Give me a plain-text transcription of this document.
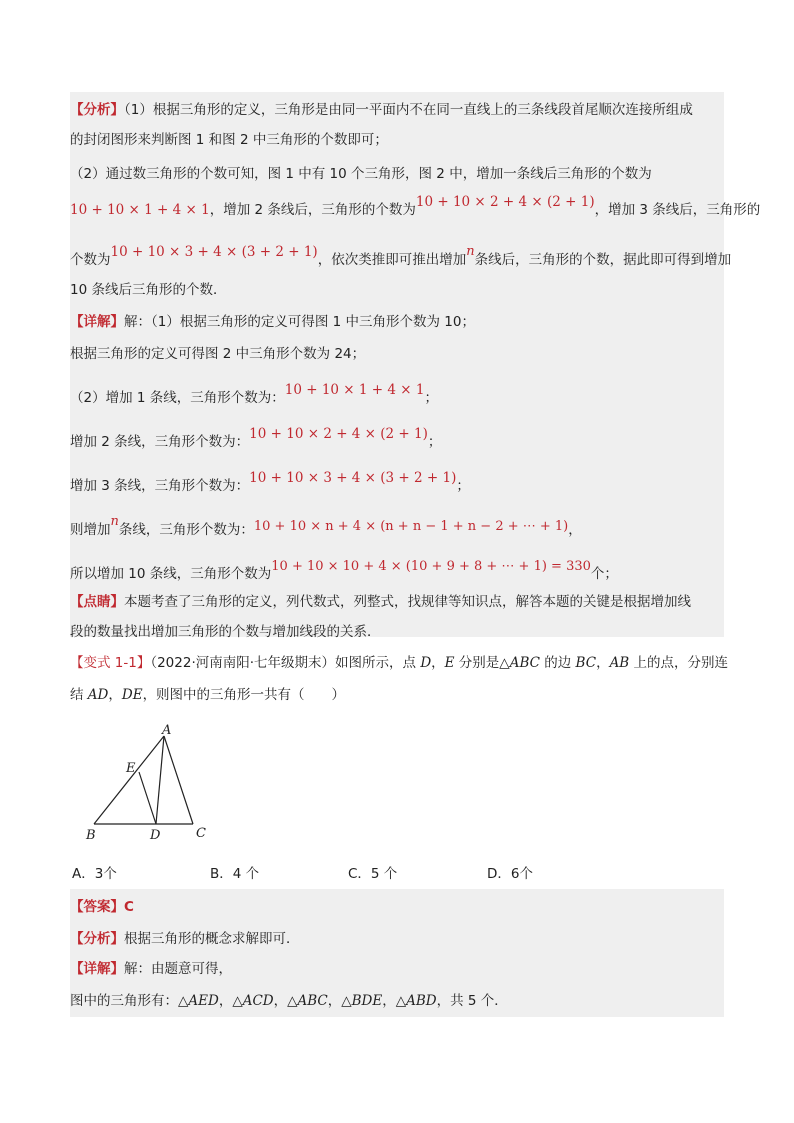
【分析】（1）根据三角形的定义，三角形是由同一平面内不在同一直线上的三条线段首尾顺次连接所组成
的封闭图形来判断图 1 和图 2 中三角形的个数即可；
（2）通过数三角形的个数可知，图 1 中有 10 个三角形，图 2 中，增加一条线后三角形的个数为
10 + 10 × 1 + 4 × 1，增加 2 条线后，三角形的个数为10 + 10 × 2 + 4 × (2 + 1)，增加 3 条线后，三角形的
个数为10 + 10 × 3 + 4 × (3 + 2 + 1)，依次类推即可推出增加n条线后，三角形的个数，据此即可得到增加
10 条线后三角形的个数．
【详解】解：（1）根据三角形的定义可得图 1 中三角形个数为 10；
根据三角形的定义可得图 2 中三角形个数为 24；
（2）增加 1 条线，三角形个数为：10 + 10 × 1 + 4 × 1；
增加 2 条线，三角形个数为：10 + 10 × 2 + 4 × (2 + 1)；
增加 3 条线，三角形个数为：10 + 10 × 3 + 4 × (3 + 2 + 1)；
则增加n条线，三角形个数为：10 + 10 × n + 4 × (n + n − 1 + n − 2 + ⋯ + 1)，
所以增加 10 条线，三角形个数为10 + 10 × 10 + 4 × (10 + 9 + 8 + ⋯ + 1) = 330个；
【点睛】本题考查了三角形的定义，列代数式，列整式，找规律等知识点，解答本题的关键是根据增加线
段的数量找出增加三角形的个数与增加线段的关系．
【变式 1-1】（2022·河南南阳·七年级期末）如图所示，点 D，E 分别是△ABC 的边 BC，AB 上的点，分别连
结 AD，DE，则图中的三角形一共有（　　）
A
E
B	D	C
A．3个	B．4 个	C．5 个	D．6个
【答案】C
【分析】根据三角形的概念求解即可．
【详解】解：由题意可得，
图中的三角形有：△AED，△ACD，△ABC，△BDE，△ABD，共 5 个．
